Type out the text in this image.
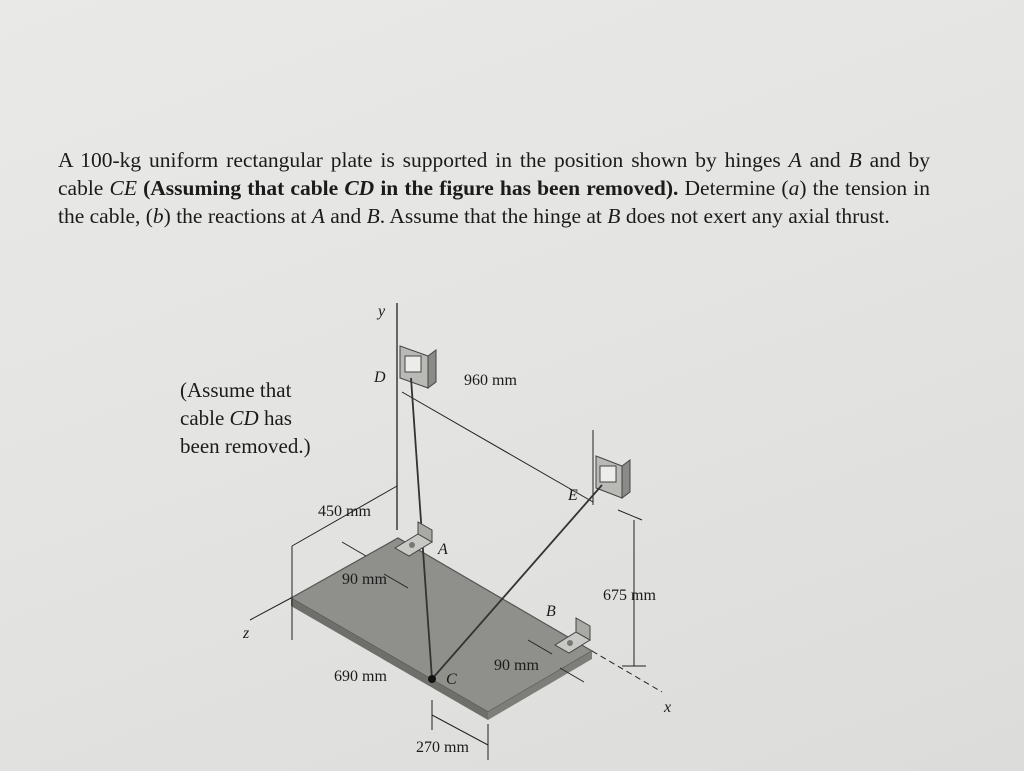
A 100-kg uniform rectangular plate is supported in the position shown by hinges A and B and by cable CE (Assuming that cable CD in the figure has been removed). Determine (a) the tension in the cable, (b) the reactions at A and B. Assume that the hinge at B does not exert any axial thrust.
(Assume that
cable CD has
been removed.)
y
z
x
D
E
A
B
C
960 mm
450 mm
90 mm
675 mm
690 mm
90 mm
270 mm
